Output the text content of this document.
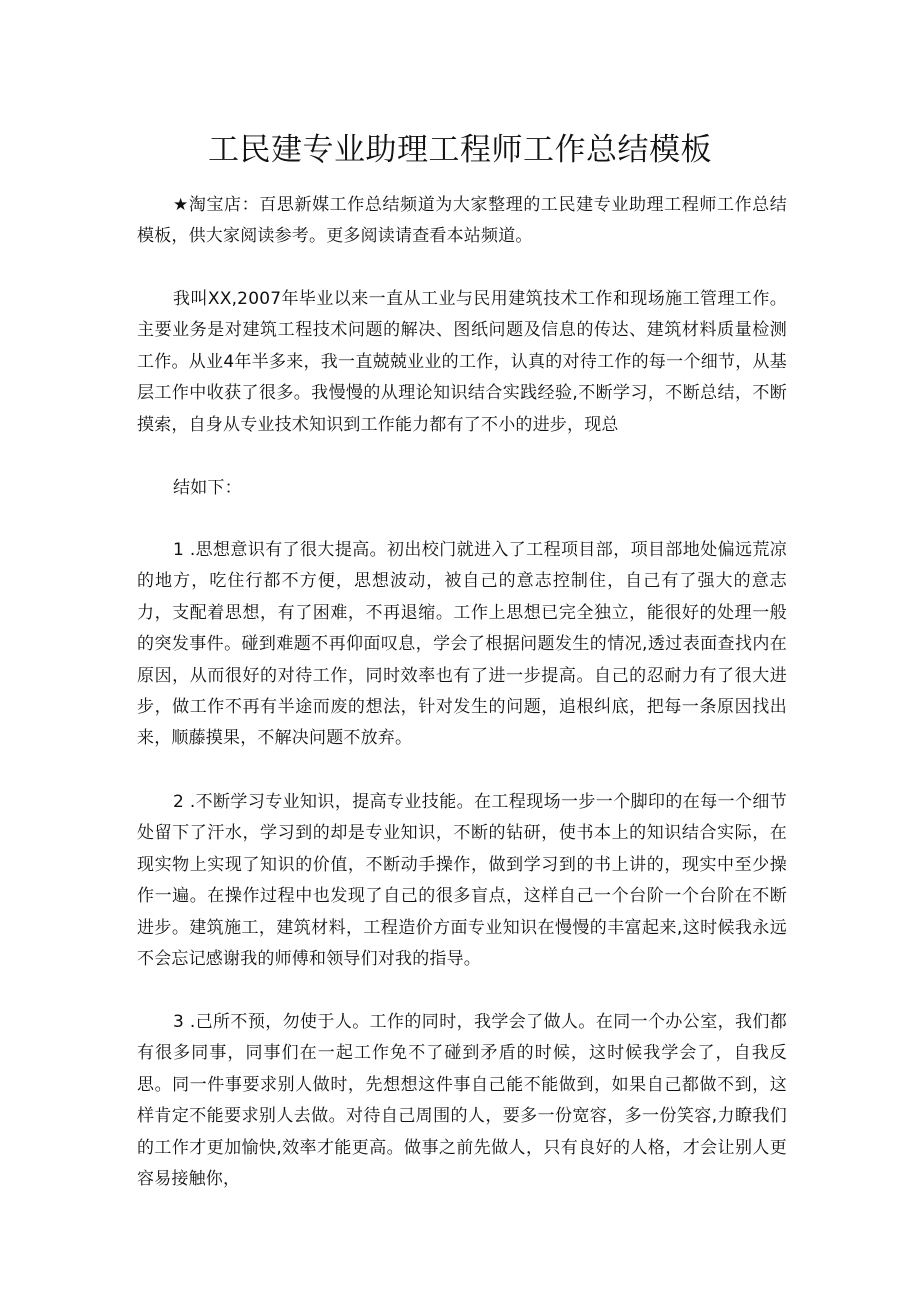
工民建专业助理工程师工作总结模板

★淘宝店：百思新媒工作总结频道为大家整理的工民建专业助理工程师工作总结模板，供大家阅读参考。更多阅读请查看本站频道。

我叫XX,2007年毕业以来一直从工业与民用建筑技术工作和现场施工管理工作。主要业务是对建筑工程技术问题的解决、图纸问题及信息的传达、建筑材料质量检测工作。从业4年半多来，我一直兢兢业业的工作，认真的对待工作的每一个细节，从基层工作中收获了很多。我慢慢的从理论知识结合实践经验,不断学习，不断总结，不断摸索，自身从专业技术知识到工作能力都有了不小的进步，现总

结如下：

1 .思想意识有了很大提高。初出校门就进入了工程项目部，项目部地处偏远荒凉的地方，吃住行都不方便，思想波动，被自己的意志控制住，自己有了强大的意志力，支配着思想，有了困难，不再退缩。工作上思想已完全独立，能很好的处理一般的突发事件。碰到难题不再仰面叹息，学会了根据问题发生的情况,透过表面查找内在原因，从而很好的对待工作，同时效率也有了进一步提高。自己的忍耐力有了很大进步，做工作不再有半途而废的想法，针对发生的问题，追根纠底，把每一条原因找出来，顺藤摸果，不解决问题不放弃。

2 .不断学习专业知识，提高专业技能。在工程现场一步一个脚印的在每一个细节处留下了汗水，学习到的却是专业知识，不断的钻研，使书本上的知识结合实际，在现实物上实现了知识的价值，不断动手操作，做到学习到的书上讲的，现实中至少操作一遍。在操作过程中也发现了自己的很多盲点，这样自己一个台阶一个台阶在不断进步。建筑施工，建筑材料，工程造价方面专业知识在慢慢的丰富起来,这时候我永远不会忘记感谢我的师傅和领导们对我的指导。

3 .己所不预，勿使于人。工作的同时，我学会了做人。在同一个办公室，我们都有很多同事，同事们在一起工作免不了碰到矛盾的时候，这时候我学会了，自我反思。同一件事要求别人做时，先想想这件事自己能不能做到，如果自己都做不到，这样肯定不能要求别人去做。对待自己周围的人，要多一份宽容，多一份笑容,力瞭我们的工作才更加愉快,效率才能更高。做事之前先做人，只有良好的人格，才会让别人更容易接触你，
